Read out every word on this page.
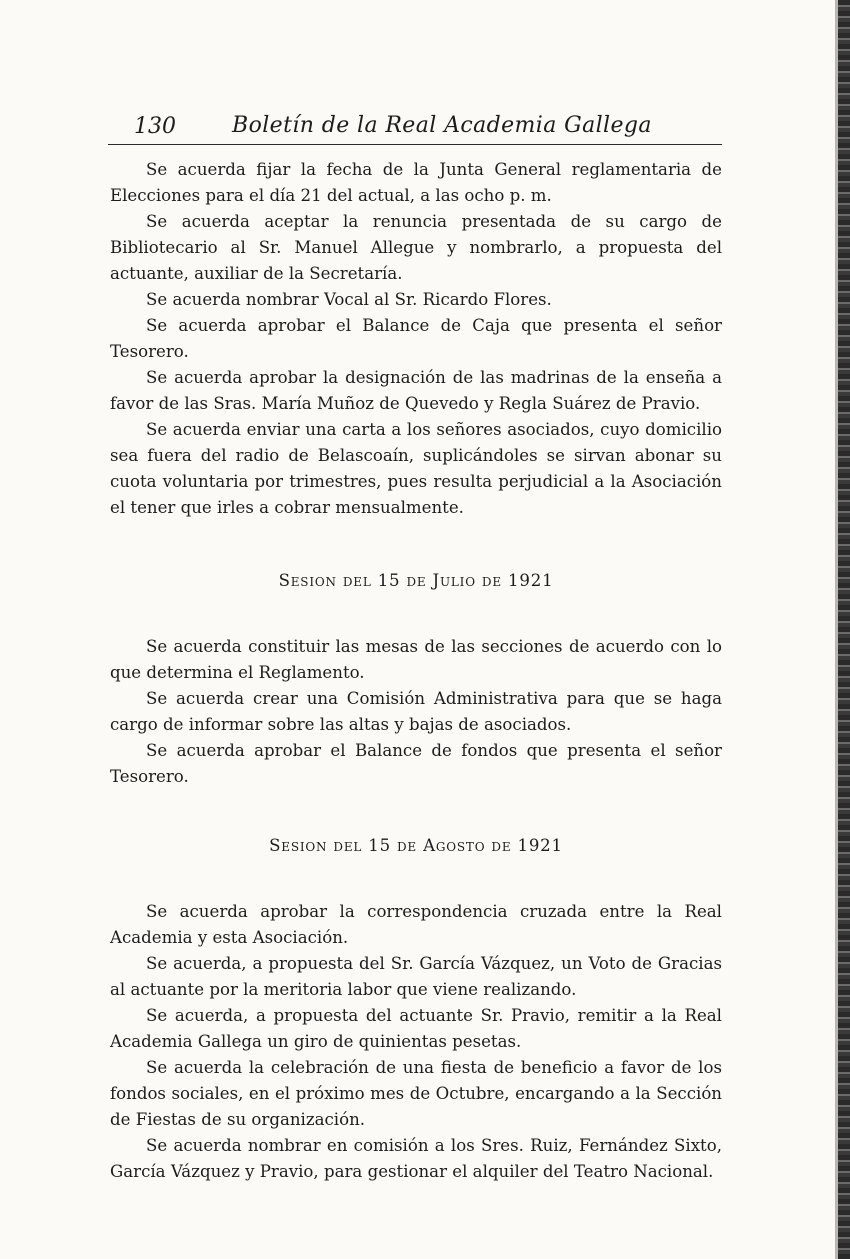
130	Boletín de la Real Academia Gallega

Se acuerda fijar la fecha de la Junta General reglamentaria de Elecciones para el día 21 del actual, a las ocho p. m.

Se acuerda aceptar la renuncia presentada de su cargo de Bibliotecario al Sr. Manuel Allegue y nombrarlo, a propuesta del actuante, auxiliar de la Secretaría.

Se acuerda nombrar Vocal al Sr. Ricardo Flores.

Se acuerda aprobar el Balance de Caja que presenta el señor Tesorero.

Se acuerda aprobar la designación de las madrinas de la enseña a favor de las Sras. María Muñoz de Quevedo y Regla Suárez de Pravio.

Se acuerda enviar una carta a los señores asociados, cuyo domicilio sea fuera del radio de Belascoaín, suplicándoles se sirvan abonar su cuota voluntaria por trimestres, pues resulta perjudicial a la Asociación el tener que irles a cobrar mensualmente.

Sesion del 15 de Julio de 1921

Se acuerda constituir las mesas de las secciones de acuerdo con lo que determina el Reglamento.

Se acuerda crear una Comisión Administrativa para que se haga cargo de informar sobre las altas y bajas de asociados.

Se acuerda aprobar el Balance de fondos que presenta el señor Tesorero.

Sesion del 15 de Agosto de 1921

Se acuerda aprobar la correspondencia cruzada entre la Real Academia y esta Asociación.

Se acuerda, a propuesta del Sr. García Vázquez, un Voto de Gracias al actuante por la meritoria labor que viene realizando.

Se acuerda, a propuesta del actuante Sr. Pravio, remitir a la Real Academia Gallega un giro de quinientas pesetas.

Se acuerda la celebración de una fiesta de beneficio a favor de los fondos sociales, en el próximo mes de Octubre, encargando a la Sección de Fiestas de su organización.

Se acuerda nombrar en comisión a los Sres. Ruiz, Fernández Sixto, García Vázquez y Pravio, para gestionar el alquiler del Teatro Nacional.
